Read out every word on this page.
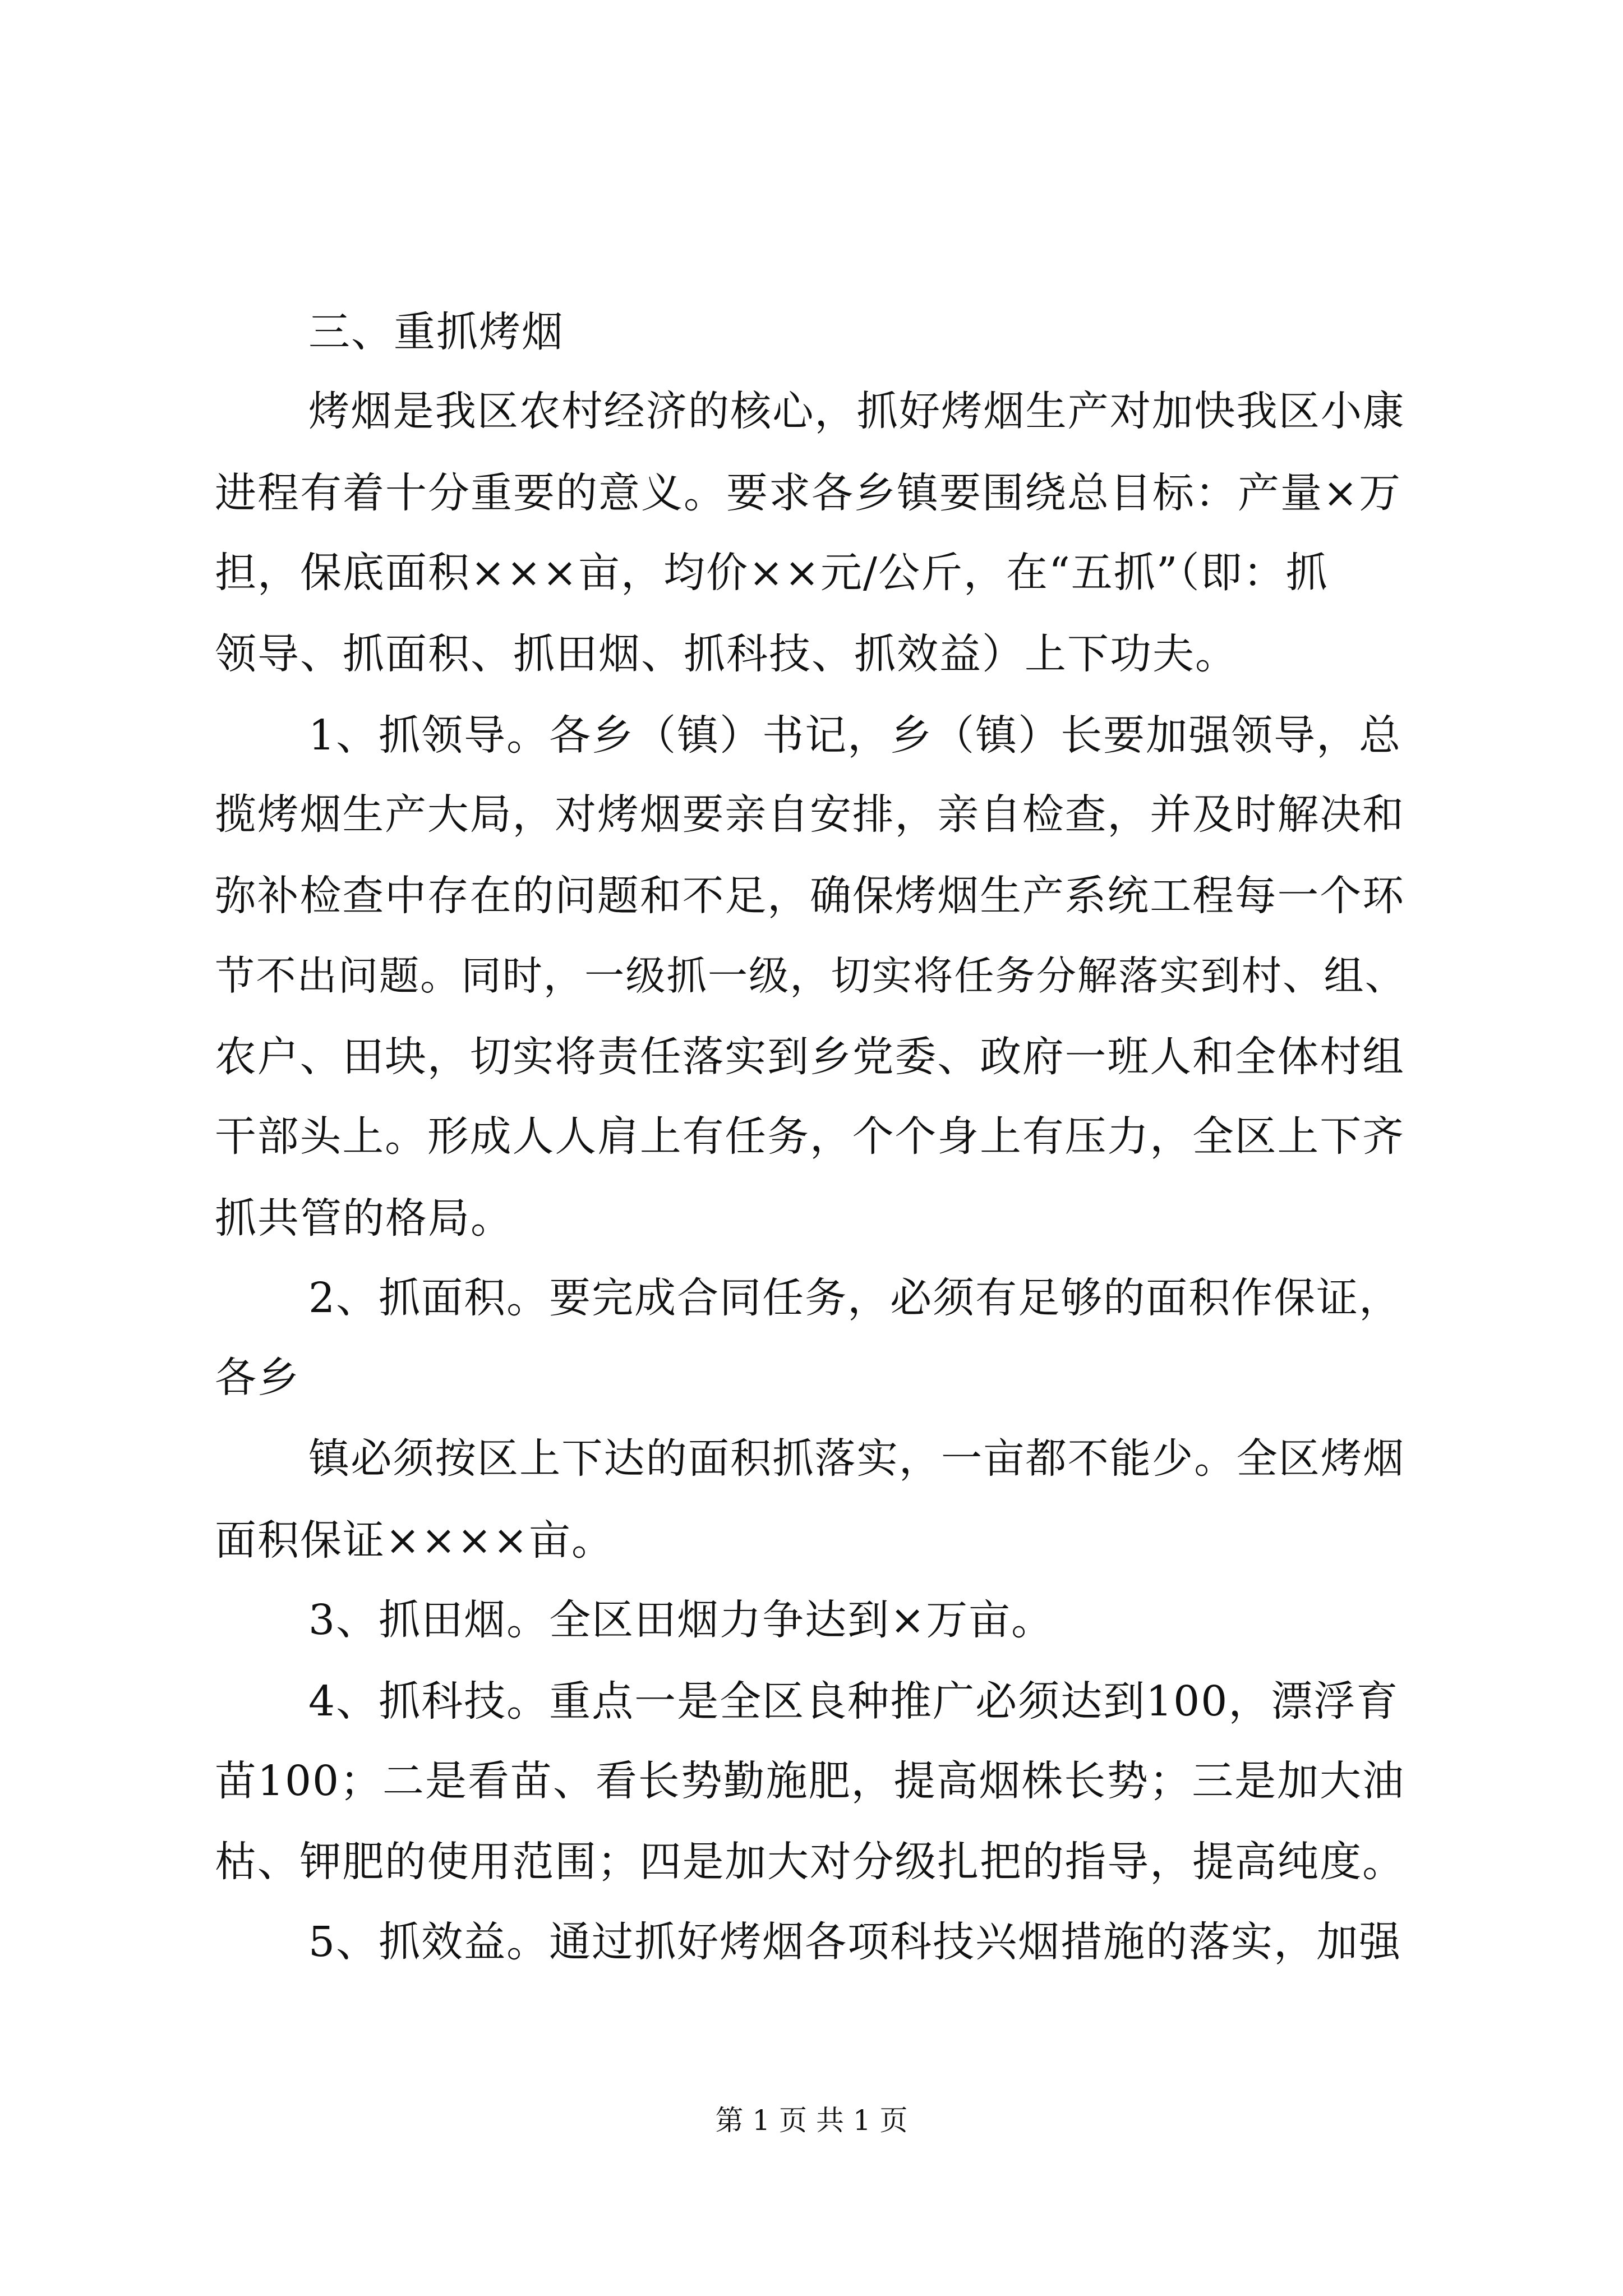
三、重抓烤烟
烤烟是我区农村经济的核心，抓好烤烟生产对加快我区小康
进程有着十分重要的意义。要求各乡镇要围绕总目标：产量×万
担，保底面积×××亩，均价××元/公斤，在“五抓”（即：抓
领导、抓面积、抓田烟、抓科技、抓效益）上下功夫。
1、抓领导。各乡（镇）书记，乡（镇）长要加强领导，总
揽烤烟生产大局，对烤烟要亲自安排，亲自检查，并及时解决和
弥补检查中存在的问题和不足，确保烤烟生产系统工程每一个环
节不出问题。同时，一级抓一级，切实将任务分解落实到村、组、
农户、田块，切实将责任落实到乡党委、政府一班人和全体村组
干部头上。形成人人肩上有任务，个个身上有压力，全区上下齐
抓共管的格局。
2、抓面积。要完成合同任务，必须有足够的面积作保证，
各乡
镇必须按区上下达的面积抓落实，一亩都不能少。全区烤烟
面积保证××××亩。
3、抓田烟。全区田烟力争达到×万亩。
4、抓科技。重点一是全区良种推广必须达到100，漂浮育
苗100；二是看苗、看长势勤施肥，提高烟株长势；三是加大油
枯、钾肥的使用范围；四是加大对分级扎把的指导，提高纯度。
5、抓效益。通过抓好烤烟各项科技兴烟措施的落实，加强
第 1 页 共 1 页
